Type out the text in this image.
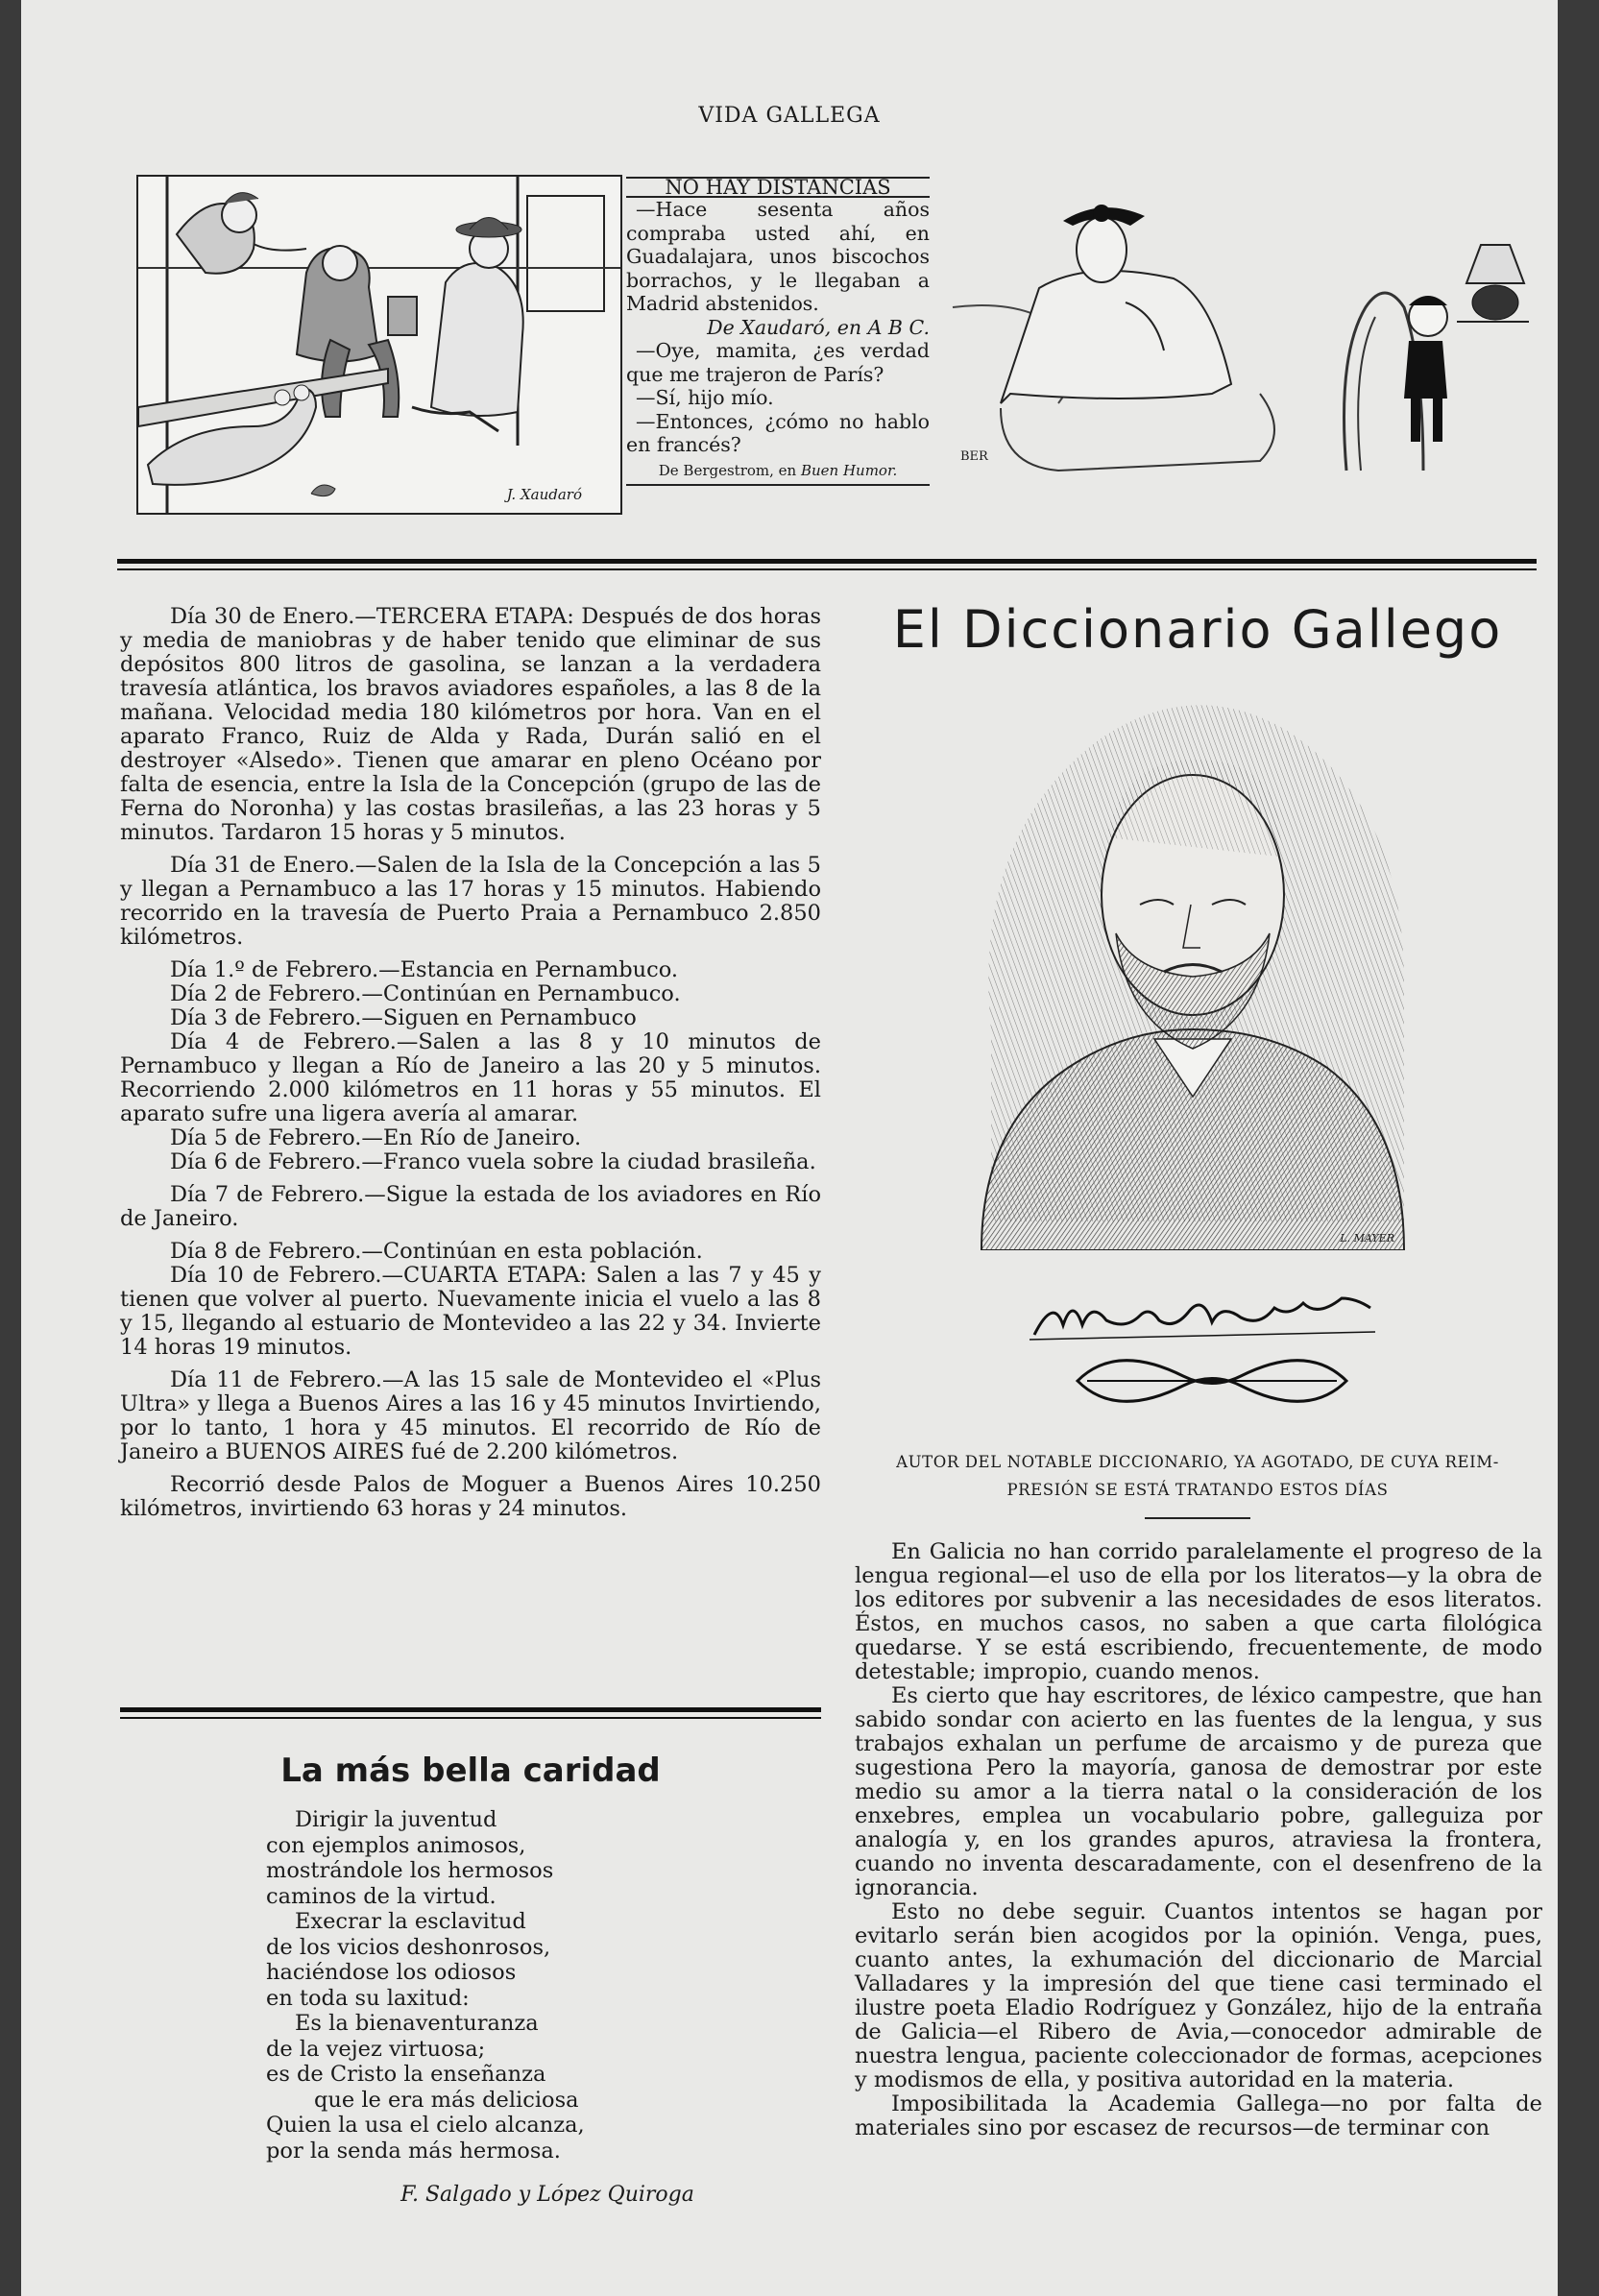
VIDA GALLEGA
J. Xaudaró

NO HAY DISTANCIAS

—Hace sesenta años compraba usted ahí, en Guadalajara, unos biscochos borrachos, y le llegaban a Madrid abstenidos.

De Xaudaró, en A B C.

—Oye, mamita, ¿es verdad que me trajeron de París?

—Sí, hijo mío.

—Entonces, ¿cómo no hablo en francés?

De Bergestrom, en Buen Humor.

BER

Día 30 de Enero.—TERCERA ETAPA: Después de dos horas y media de maniobras y de haber tenido que eliminar de sus depósitos 800 litros de gasolina, se lanzan a la verdadera travesía atlántica, los bravos aviadores españoles, a las 8 de la mañana. Velocidad media 180 kilómetros por hora. Van en el aparato Franco, Ruiz de Alda y Rada, Durán salió en el destroyer «Alsedo». Tienen que amarar en pleno Océano por falta de esencia, entre la Isla de la Concepción (grupo de las de Ferna do Noronha) y las costas brasileñas, a las 23 horas y 5 minutos. Tardaron 15 horas y 5 minutos.

Día 31 de Enero.—Salen de la Isla de la Concepción a las 5 y llegan a Pernambuco a las 17 horas y 15 minutos. Habiendo recorrido en la travesía de Puerto Praia a Pernambuco 2.850 kilómetros.

Día 1.º de Febrero.—Estancia en Pernambuco.

Día 2 de Febrero.—Continúan en Pernambuco.

Día 3 de Febrero.—Siguen en Pernambuco

Día 4 de Febrero.—Salen a las 8 y 10 minutos de Pernambuco y llegan a Río de Janeiro a las 20 y 5 minutos. Recorriendo 2.000 kilómetros en 11 horas y 55 minutos. El aparato sufre una ligera avería al amarar.

Día 5 de Febrero.—En Río de Janeiro.

Día 6 de Febrero.—Franco vuela sobre la ciudad brasileña.

Día 7 de Febrero.—Sigue la estada de los aviadores en Río de Janeiro.

Día 8 de Febrero.—Continúan en esta población.

Día 10 de Febrero.—CUARTA ETAPA: Salen a las 7 y 45 y tienen que volver al puerto. Nuevamente inicia el vuelo a las 8 y 15, llegando al estuario de Montevideo a las 22 y 34. Invierte 14 horas 19 minutos.

Día 11 de Febrero.—A las 15 sale de Montevideo el «Plus Ultra» y llega a Buenos Aires a las 16 y 45 minutos Invirtiendo, por lo tanto, 1 hora y 45 minutos. El recorrido de Río de Janeiro a BUENOS AIRES fué de 2.200 kilómetros.

Recorrió desde Palos de Moguer a Buenos Aires 10.250 kilómetros, invirtiendo 63 horas y 24 minutos.

La más bella caridad
Dirigir la juventud
con ejemplos animosos,
mostrándole los hermosos
caminos de la virtud.
Execrar la esclavitud
de los vicios deshonrosos,
haciéndose los odiosos
en toda su laxitud:
Es la bienaventuranza
de la vejez virtuosa;
es de Cristo la enseñanza
que le era más deliciosa
Quien la usa el cielo alcanza,
por la senda más hermosa.
F. Salgado y López Quiroga
El Diccionario Gallego
L. MAYER
AUTOR DEL NOTABLE DICCIONARIO, YA AGOTADO, DE CUYA REIM-
PRESIÓN SE ESTÁ TRATANDO ESTOS DÍAS

En Galicia no han corrido paralelamente el progreso de la lengua regional—el uso de ella por los literatos—y la obra de los editores por subvenir a las necesidades de esos literatos. Éstos, en muchos casos, no saben a que carta filológica quedarse. Y se está escribiendo, frecuentemente, de modo detestable; impropio, cuando menos.

Es cierto que hay escritores, de léxico campestre, que han sabido sondar con acierto en las fuentes de la lengua, y sus trabajos exhalan un perfume de arcaismo y de pureza que sugestiona Pero la mayoría, ganosa de demostrar por este medio su amor a la tierra natal o la consideración de los enxebres, emplea un vocabulario pobre, galleguiza por analogía y, en los grandes apuros, atraviesa la frontera, cuando no inventa descaradamente, con el desenfreno de la ignorancia.

Esto no debe seguir. Cuantos intentos se hagan por evitarlo serán bien acogidos por la opinión. Venga, pues, cuanto antes, la exhumación del diccionario de Marcial Valladares y la impresión del que tiene casi terminado el ilustre poeta Eladio Rodríguez y González, hijo de la entraña de Galicia—el Ribero de Avia,—conocedor admirable de nuestra lengua, paciente coleccionador de formas, acepciones y modismos de ella, y positiva autoridad en la materia.

Imposibilitada la Academia Gallega—no por falta de materiales sino por escasez de recursos—de terminar con
